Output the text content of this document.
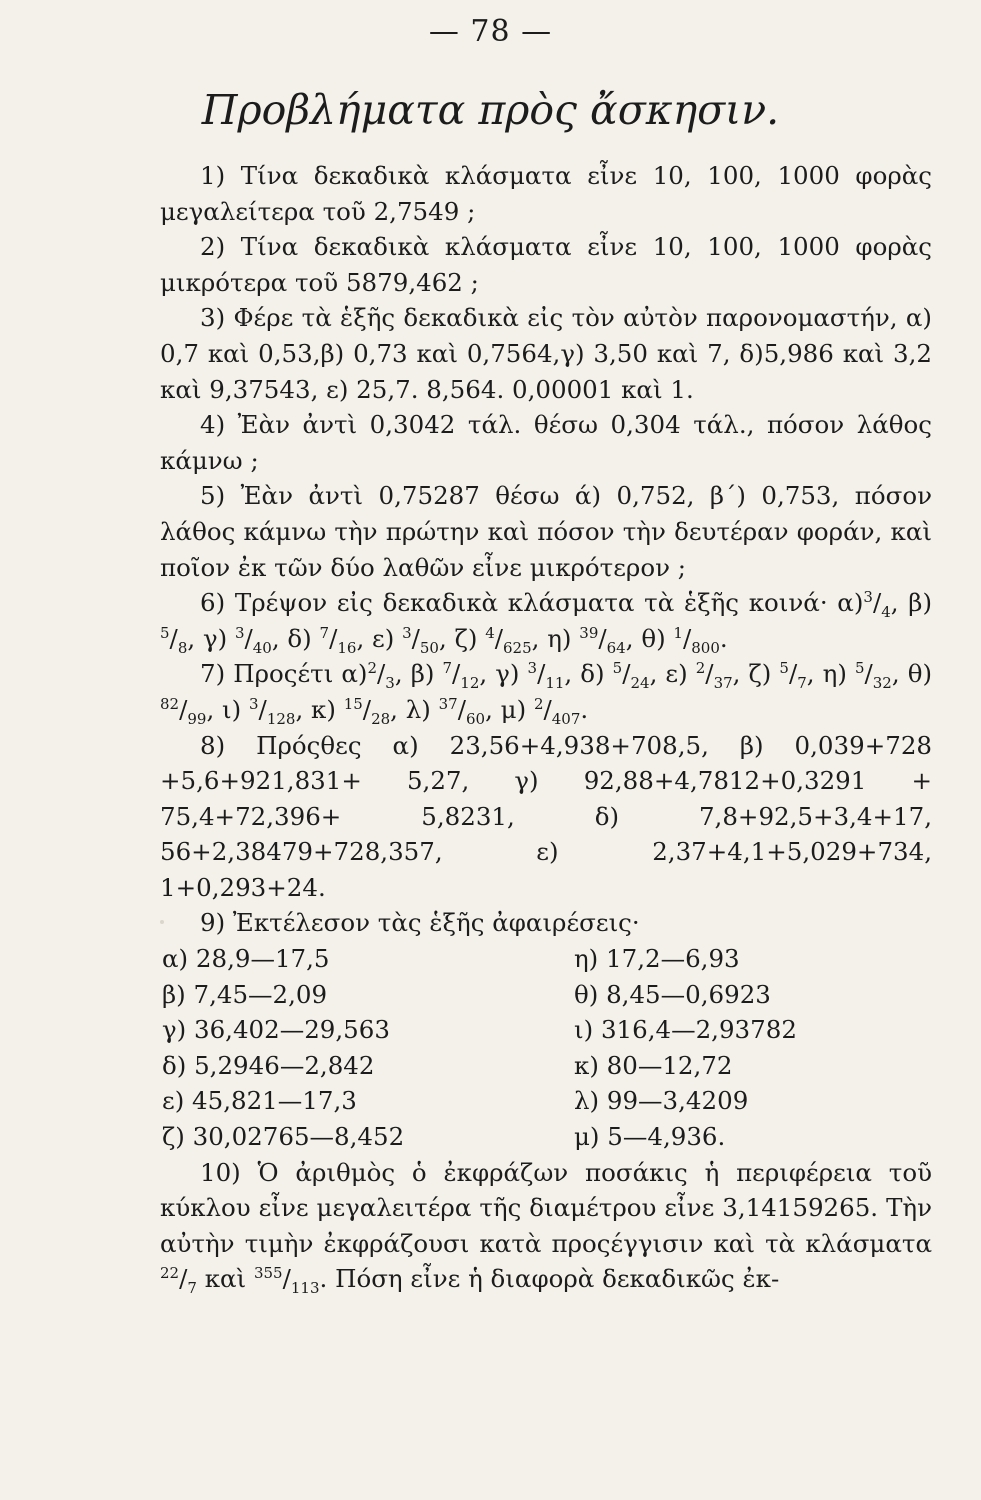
— 78 —
Προβλήματα πρὸς ἄσκησιν.

1) Τίνα δεκαδικὰ κλάσματα εἶνε 10, 100, 1000 φορὰς μεγαλείτερα τοῦ 2,7549 ;

2) Τίνα δεκαδικὰ κλάσματα εἶνε 10, 100, 1000 φορὰς μικρότερα τοῦ 5879,462 ;

3) Φέρε τὰ ἑξῆς δεκαδικὰ εἰς τὸν αὐτὸν παρονομαστήν, α) 0,7 καὶ 0,53,β) 0,73 καὶ 0,7564,γ) 3,50 καὶ 7, δ)5,986 καὶ 3,2 καὶ 9,37543, ε) 25,7. 8,564. 0,00001 καὶ 1.

4) Ἐὰν ἀντὶ 0,3042 τάλ. θέσω 0,304 τάλ., πόσον λάθος κάμνω ;

5) Ἐὰν ἀντὶ 0,75287 θέσω ά) 0,752, β΄) 0,753, πόσον λάθος κάμνω τὴν πρώτην καὶ πόσον τὴν δευτέραν φοράν, καὶ ποῖον ἐκ τῶν δύο λαθῶν εἶνε μικρότερον ;

6) Τρέψον εἰς δεκαδικὰ κλάσματα τὰ ἑξῆς $\kappa o\iota\nu ά\cdot \alpha)^3/_4$, β) $^5/_8$, γ) $^3/_{40}$, δ) $^7/_{16}$, ε) $^3/_{50}$, ζ) $^4/_{625}$, η) $^{39}/_{64}$, θ) $^1/_{800}$.

7) Προςέτι $\alpha)^2/_3$, β) $^7/_{12}$, γ) $^3/_{11}$, δ) $^5/_{24}$, ε) $^2/_{37}$, ζ) $^5/_7$, η) $^5/_{32}$, θ) $^{82}/_{99}$, ι) $^3/_{128}$, κ) $^{15}/_{28}$, λ) $^{37}/_{60}$, μ) $^2/_{407}$.

8) Πρόςθες α) 23,56+4,938+708,5, β) 0,039+728 +5,6+921,831+ 5,27, γ) 92,88+4,7812+0,3291 + 75,4+72,396+ 5,8231, δ) 7,8+92,5+3,4+17, 56+2,38479+728,357, ε) 2,37+4,1+5,029+734, 1+0,293+24.

9) Ἐκτέλεσον τὰς ἑξῆς ἀφαιρέσεις·

α) 28,9—17,5	η) 17,2—6,93
β) 7,45—2,09	θ) 8,45—0,6923
γ) 36,402—29,563	ι) 316,4—2,93782
δ) 5,2946—2,842	κ) 80—12,72
ε) 45,821—17,3	λ) 99—3,4209
ζ) 30,02765—8,452	μ) 5—4,936.

10) Ὁ ἀριθμὸς ὁ ἐκφράζων ποσάκις ἡ περιφέρεια τοῦ κύκλου εἶνε μεγαλειτέρα τῆς διαμέτρου εἶνε 3,14159265. Τὴν αὐτὴν τιμὴν ἐκφράζουσι κατὰ προςέγγισιν καὶ τὰ κλάσματα $^{22}/_7$ καὶ $^{355}/_{113}$. Πόση εἶνε ἡ διαφορὰ δεκαδικῶς ἐκ-
